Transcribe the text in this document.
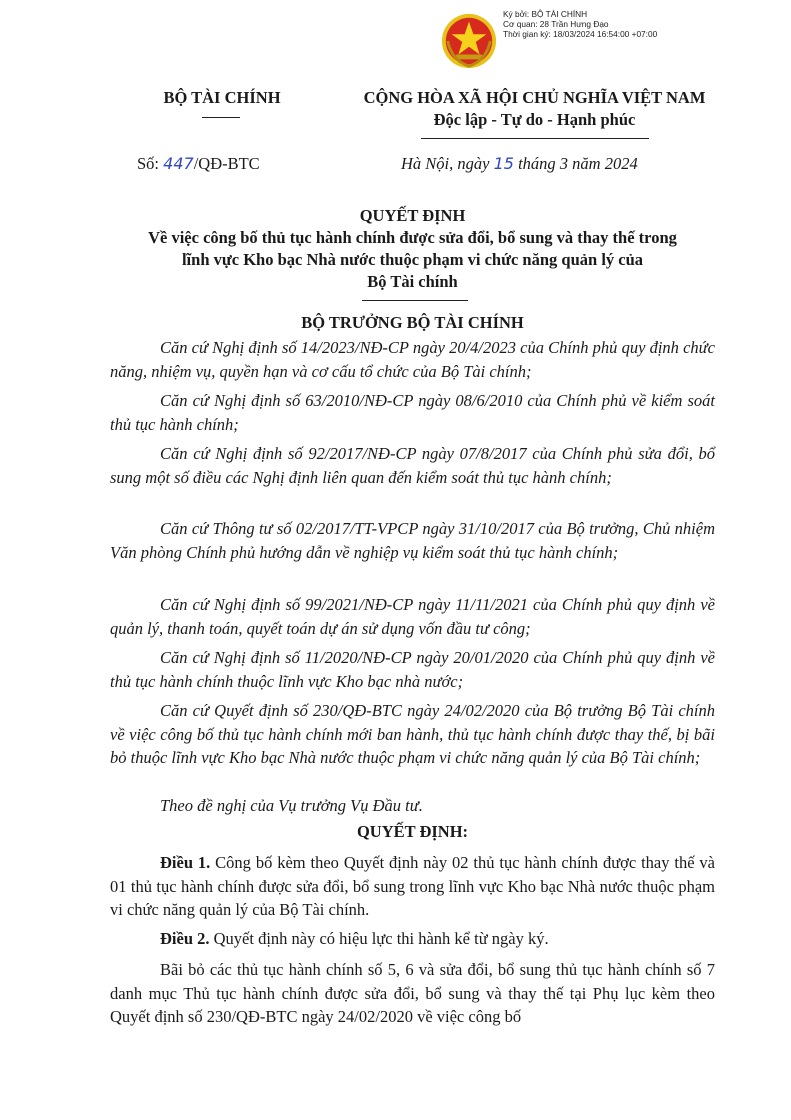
Ký bởi: BỘ TÀI CHÍNH
Cơ quan: 28 Trần Hưng Đạo
Thời gian ký: 18/03/2024 16:54:00 +07:00
BỘ TÀI CHÍNH	CỘNG HÒA XÃ HỘI CHỦ NGHĨA VIỆT NAM
Độc lập - Tự do - Hạnh phúc
Số: 447/QĐ-BTC	Hà Nội, ngày 15 tháng 3 năm 2024
QUYẾT ĐỊNH
Về việc công bố thủ tục hành chính được sửa đổi, bổ sung và thay thế trong
lĩnh vực Kho bạc Nhà nước thuộc phạm vi chức năng quản lý của
Bộ Tài chính
BỘ TRƯỞNG BỘ TÀI CHÍNH

Căn cứ Nghị định số 14/2023/NĐ-CP ngày 20/4/2023 của Chính phủ quy định chức năng, nhiệm vụ, quyền hạn và cơ cấu tổ chức của Bộ Tài chính;

Căn cứ Nghị định số 63/2010/NĐ-CP ngày 08/6/2010 của Chính phủ về kiểm soát thủ tục hành chính;

Căn cứ Nghị định số 92/2017/NĐ-CP ngày 07/8/2017 của Chính phủ sửa đổi, bổ sung một số điều các Nghị định liên quan đến kiểm soát thủ tục hành chính;

Căn cứ Thông tư số 02/2017/TT-VPCP ngày 31/10/2017 của Bộ trưởng, Chủ nhiệm Văn phòng Chính phủ hướng dẫn về nghiệp vụ kiểm soát thủ tục hành chính;

Căn cứ Nghị định số 99/2021/NĐ-CP ngày 11/11/2021 của Chính phủ quy định về quản lý, thanh toán, quyết toán dự án sử dụng vốn đầu tư công;

Căn cứ Nghị định số 11/2020/NĐ-CP ngày 20/01/2020 của Chính phủ quy định về thủ tục hành chính thuộc lĩnh vực Kho bạc nhà nước;

Căn cứ Quyết định số 230/QĐ-BTC ngày 24/02/2020 của Bộ trưởng Bộ Tài chính về việc công bố thủ tục hành chính mới ban hành, thủ tục hành chính được thay thế, bị bãi bỏ thuộc lĩnh vực Kho bạc Nhà nước thuộc phạm vi chức năng quản lý của Bộ Tài chính;

Theo đề nghị của Vụ trưởng Vụ Đầu tư.

QUYẾT ĐỊNH:

Điều 1. Công bố kèm theo Quyết định này 02 thủ tục hành chính được thay thế và 01 thủ tục hành chính được sửa đổi, bổ sung trong lĩnh vực Kho bạc Nhà nước thuộc phạm vi chức năng quản lý của Bộ Tài chính.

Điều 2. Quyết định này có hiệu lực thi hành kể từ ngày ký.

Bãi bỏ các thủ tục hành chính số 5, 6 và sửa đổi, bổ sung thủ tục hành chính số 7 danh mục Thủ tục hành chính được sửa đổi, bổ sung và thay thế tại Phụ lục kèm theo Quyết định số 230/QĐ-BTC ngày 24/02/2020 về việc công bố
